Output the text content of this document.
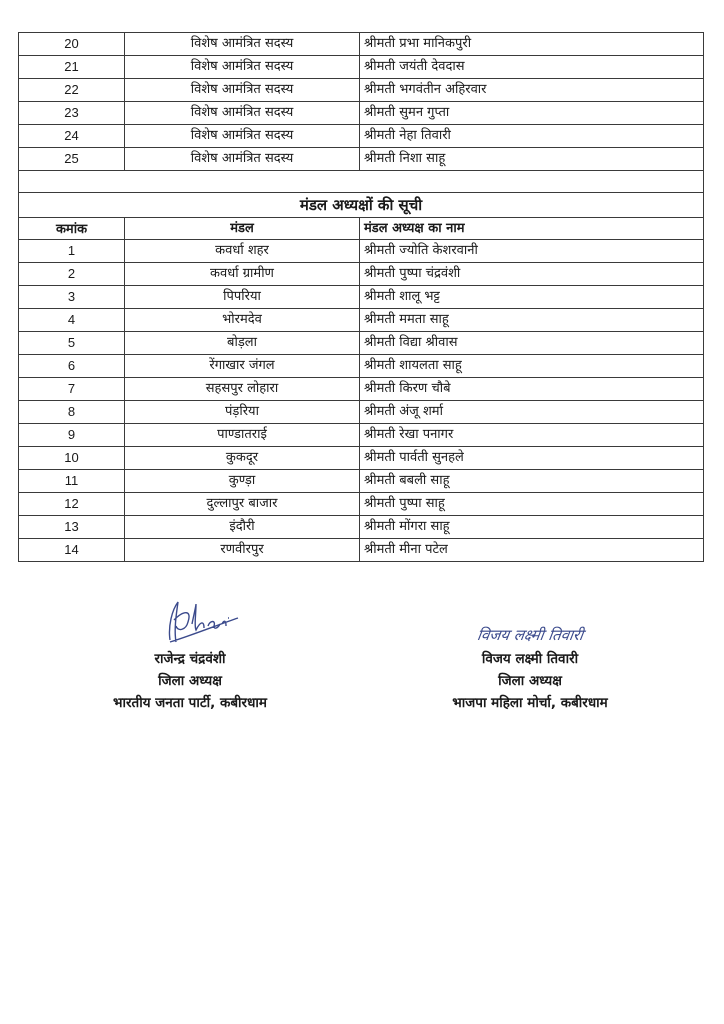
20	विशेष आमंत्रित सदस्य	श्रीमती प्रभा मानिकपुरी
21	विशेष आमंत्रित सदस्य	श्रीमती जयंती देवदास
22	विशेष आमंत्रित सदस्य	श्रीमती भगवंतीन अहिरवार
23	विशेष आमंत्रित सदस्य	श्रीमती सुमन गुप्ता
24	विशेष आमंत्रित सदस्य	श्रीमती नेहा तिवारी
25	विशेष आमंत्रित सदस्य	श्रीमती निशा साहू

मंडल अध्यक्षों की सूची		
कमांक	मंडल	मंडल अध्यक्ष का नाम
1	कवर्धा शहर	श्रीमती ज्योति केशरवानी
2	कवर्धा ग्रामीण	श्रीमती पुष्पा चंद्रवंशी
3	पिपरिया	श्रीमती शालू भट्ट
4	भोरमदेव	श्रीमती ममता साहू
5	बोड़ला	श्रीमती विद्या श्रीवास
6	रेंगाखार जंगल	श्रीमती शायलता साहू
7	सहसपुर लोहारा	श्रीमती किरण चौबे
8	पंड़रिया	श्रीमती अंजू शर्मा
9	पाण्डातराई	श्रीमती रेखा पनागर
10	कुकदूर	श्रीमती पार्वती सुनहले
11	कुण्ड़ा	श्रीमती बबली साहू
12	दुल्लापुर बाजार	श्रीमती पुष्पा साहू
13	इंदौरी	श्रीमती मोंगरा साहू
14	रणवीरपुर	श्रीमती मीना पटेल
राजेन्द्र चंद्रवंशी
जिला अध्यक्ष
भारतीय जनता पार्टी, कबीरधाम
विजय लक्ष्मी तिवारी
विजय लक्ष्मी तिवारी
जिला अध्यक्ष
भाजपा महिला मोर्चा, कबीरधाम
